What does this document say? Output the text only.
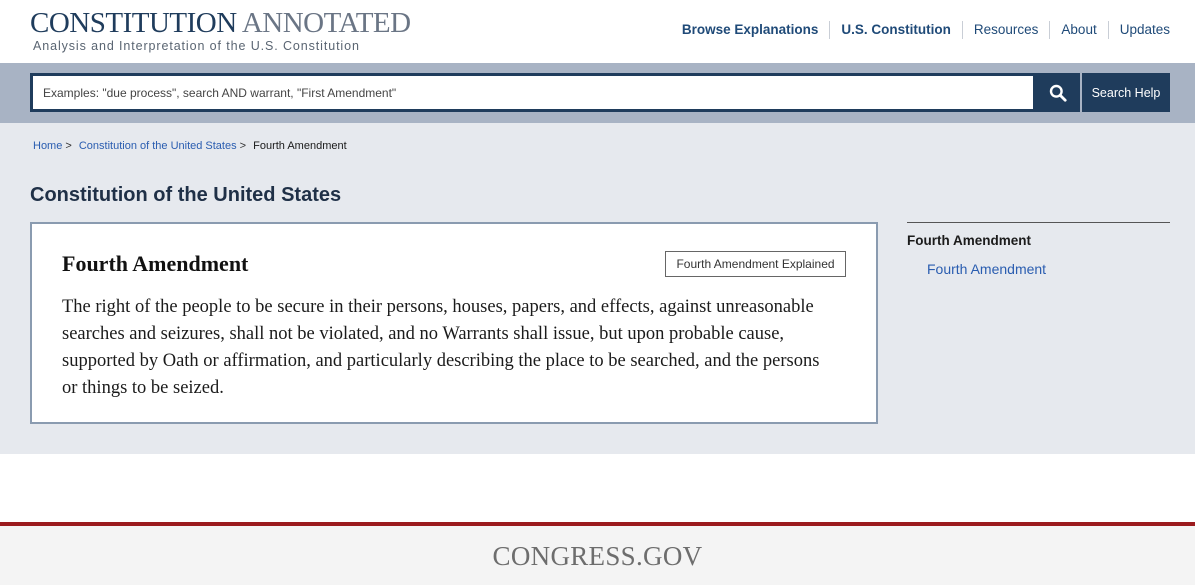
CONSTITUTION ANNOTATED
Analysis and Interpretation of the U.S. Constitution
Browse Explanations	U.S. Constitution	Resources	About	Updates
Examples: "due process", search AND warrant, "First Amendment"
Search Help
Home > Constitution of the United States > Fourth Amendment
Constitution of the United States
Fourth Amendment	Fourth Amendment Explained

The right of the people to be secure in their persons, houses, papers, and effects, against unreasonable searches and seizures, shall not be violated, and no Warrants shall issue, but upon probable cause, supported by Oath or affirmation, and particularly describing the place to be searched, and the persons or things to be seized.

Fourth Amendment
Fourth Amendment
CONGRESS.GOV
